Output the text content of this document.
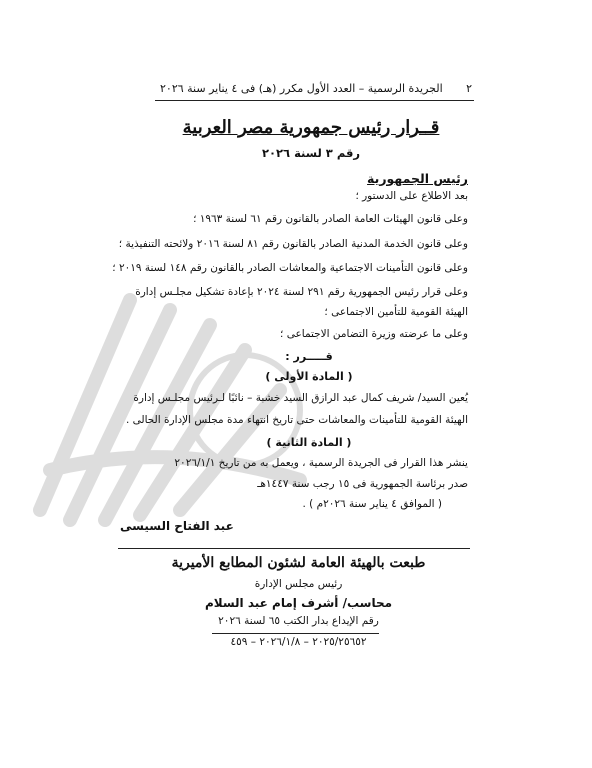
٢
الجريدة الرسمية – العدد الأول مكرر (هـ) فى ٤ يناير سنة ٢٠٢٦
قــرار رئيس جمهورية مصر العربية
رقم ٣ لسنة ٢٠٢٦
رئيس الجمهورية
بعد الاطلاع على الدستور ؛
وعلى قانون الهيئات العامة الصادر بالقانون رقم ٦١ لسنة ١٩٦٣ ؛
وعلى قانون الخدمة المدنية الصادر بالقانون رقم ٨١ لسنة ٢٠١٦ ولائحته التنفيذية ؛
وعلى قانون التأمينات الاجتماعية والمعاشات الصادر بالقانون رقم ١٤٨ لسنة ٢٠١٩ ؛
وعلى قرار رئيس الجمهورية رقم ٢٩١ لسنة ٢٠٢٤ بإعادة تشكيل مجلـس إدارة
الهيئة القومية للتأمين الاجتماعى ؛
وعلى ما عرضته وزيرة التضامن الاجتماعى ؛
قـــــرر :
( المادة الأولى )
يُعين السيد/ شريف كمال عبد الرازق السيد خشبة – نائبًا لـرئيس مجلـس إدارة
الهيئة القومية للتأمينات والمعاشات حتى تاريخ انتهاء مدة مجلس الإدارة الحالى .
( المادة الثانية )
ينشر هذا القرار فى الجريدة الرسمية ، ويعمل به من تاريخ ٢٠٢٦/١/١
صدر برئاسة الجمهورية فى ١٥ رجب سنة ١٤٤٧هـ
( الموافق ٤ يناير سنة ٢٠٢٦م ) .
عبد الفتاح السيسى
طبعت بالهيئة العامة لشئون المطابع الأميرية
رئيس مجلس الإدارة
محاسب/ أشرف إمام عبد السلام
رقم الإيداع بدار الكتب ٦٥ لسنة ٢٠٢٦
٢٠٢٥/٢٥٦٥٢ – ٢٠٢٦/١/٨ – ٤٥٩
